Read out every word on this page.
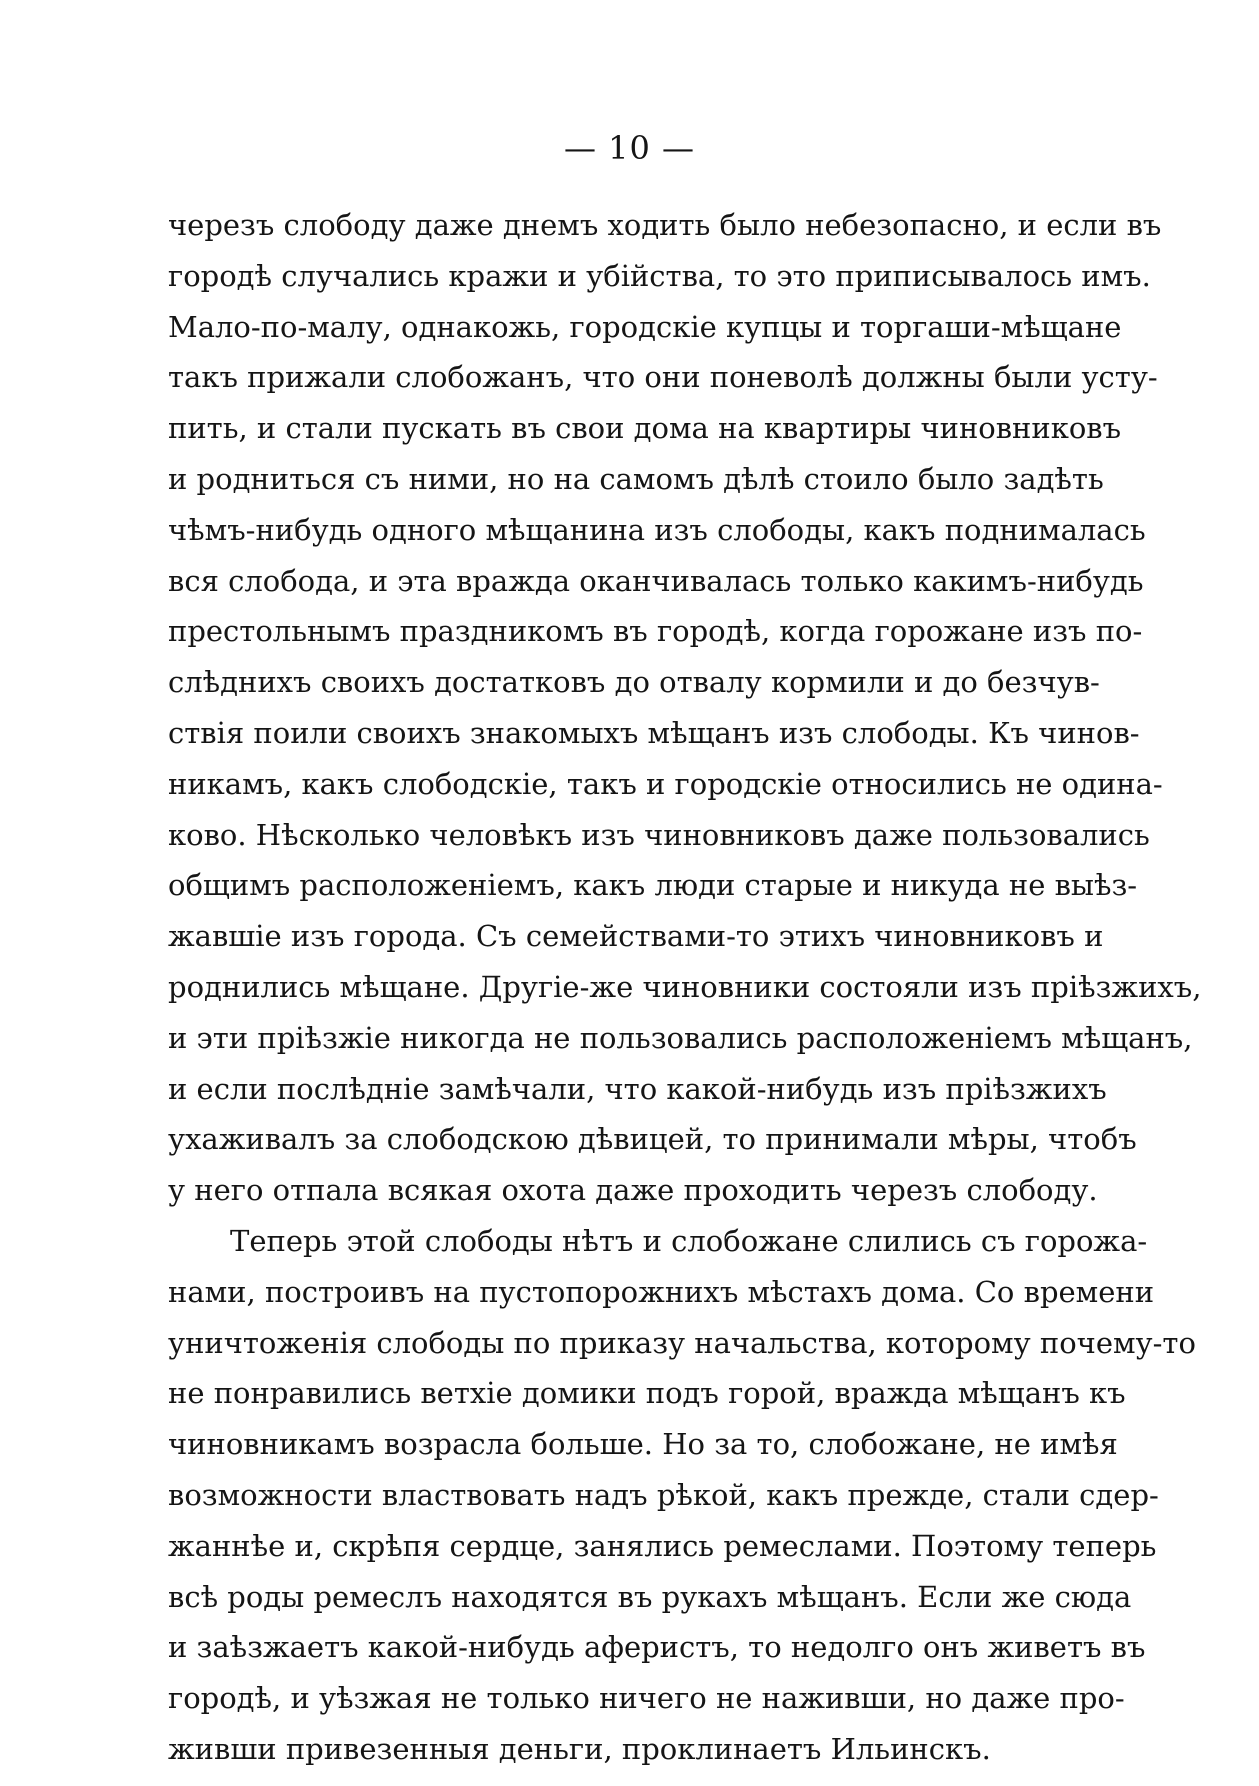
— 10 —
черезъ слободу даже днемъ ходить было небезопасно, и если въ
городѣ случались кражи и убійства, то это приписывалось имъ.
Мало-по-малу, однакожь, городскіе купцы и торгаши-мѣщане
такъ прижали слобожанъ, что они поневолѣ должны были усту-
пить, и стали пускать въ свои дома на квартиры чиновниковъ
и родниться съ ними, но на самомъ дѣлѣ стоило было задѣть
чѣмъ-нибудь одного мѣщанина изъ слободы, какъ поднималась
вся слобода, и эта вражда оканчивалась только какимъ-нибудь
престольнымъ праздникомъ въ городѣ, когда горожане изъ по-
слѣднихъ своихъ достатковъ до отвалу кормили и до безчув-
ствія поили своихъ знакомыхъ мѣщанъ изъ слободы. Къ чинов-
никамъ, какъ слободскіе, такъ и городскіе относились не одина-
ково. Нѣсколько человѣкъ изъ чиновниковъ даже пользовались
общимъ расположеніемъ, какъ люди старые и никуда не выѣз-
жавшіе изъ города. Съ семействами-то этихъ чиновниковъ и
роднились мѣщане. Другіе-же чиновники состояли изъ пріѣзжихъ,
и эти пріѣзжіе никогда не пользовались расположеніемъ мѣщанъ,
и если послѣдніе замѣчали, что какой-нибудь изъ пріѣзжихъ
ухаживалъ за слободскою дѣвицей, то принимали мѣры, чтобъ
у него отпала всякая охота даже проходить черезъ слободу.
Теперь этой слободы нѣтъ и слобожане слились съ горожа-
нами, построивъ на пустопорожнихъ мѣстахъ дома. Со времени
уничтоженія слободы по приказу начальства, которому почему-то
не понравились ветхіе домики подъ горой, вражда мѣщанъ къ
чиновникамъ возрасла больше. Но за то, слобожане, не имѣя
возможности властвовать надъ рѣкой, какъ прежде, стали сдер-
жаннѣе и, скрѣпя сердце, занялись ремеслами. Поэтому теперь
всѣ роды ремеслъ находятся въ рукахъ мѣщанъ. Если же сюда
и заѣзжаетъ какой-нибудь аферистъ, то недолго онъ живетъ въ
городѣ, и уѣзжая не только ничего не наживши, но даже про-
живши привезенныя деньги, проклинаетъ Ильинскъ.
